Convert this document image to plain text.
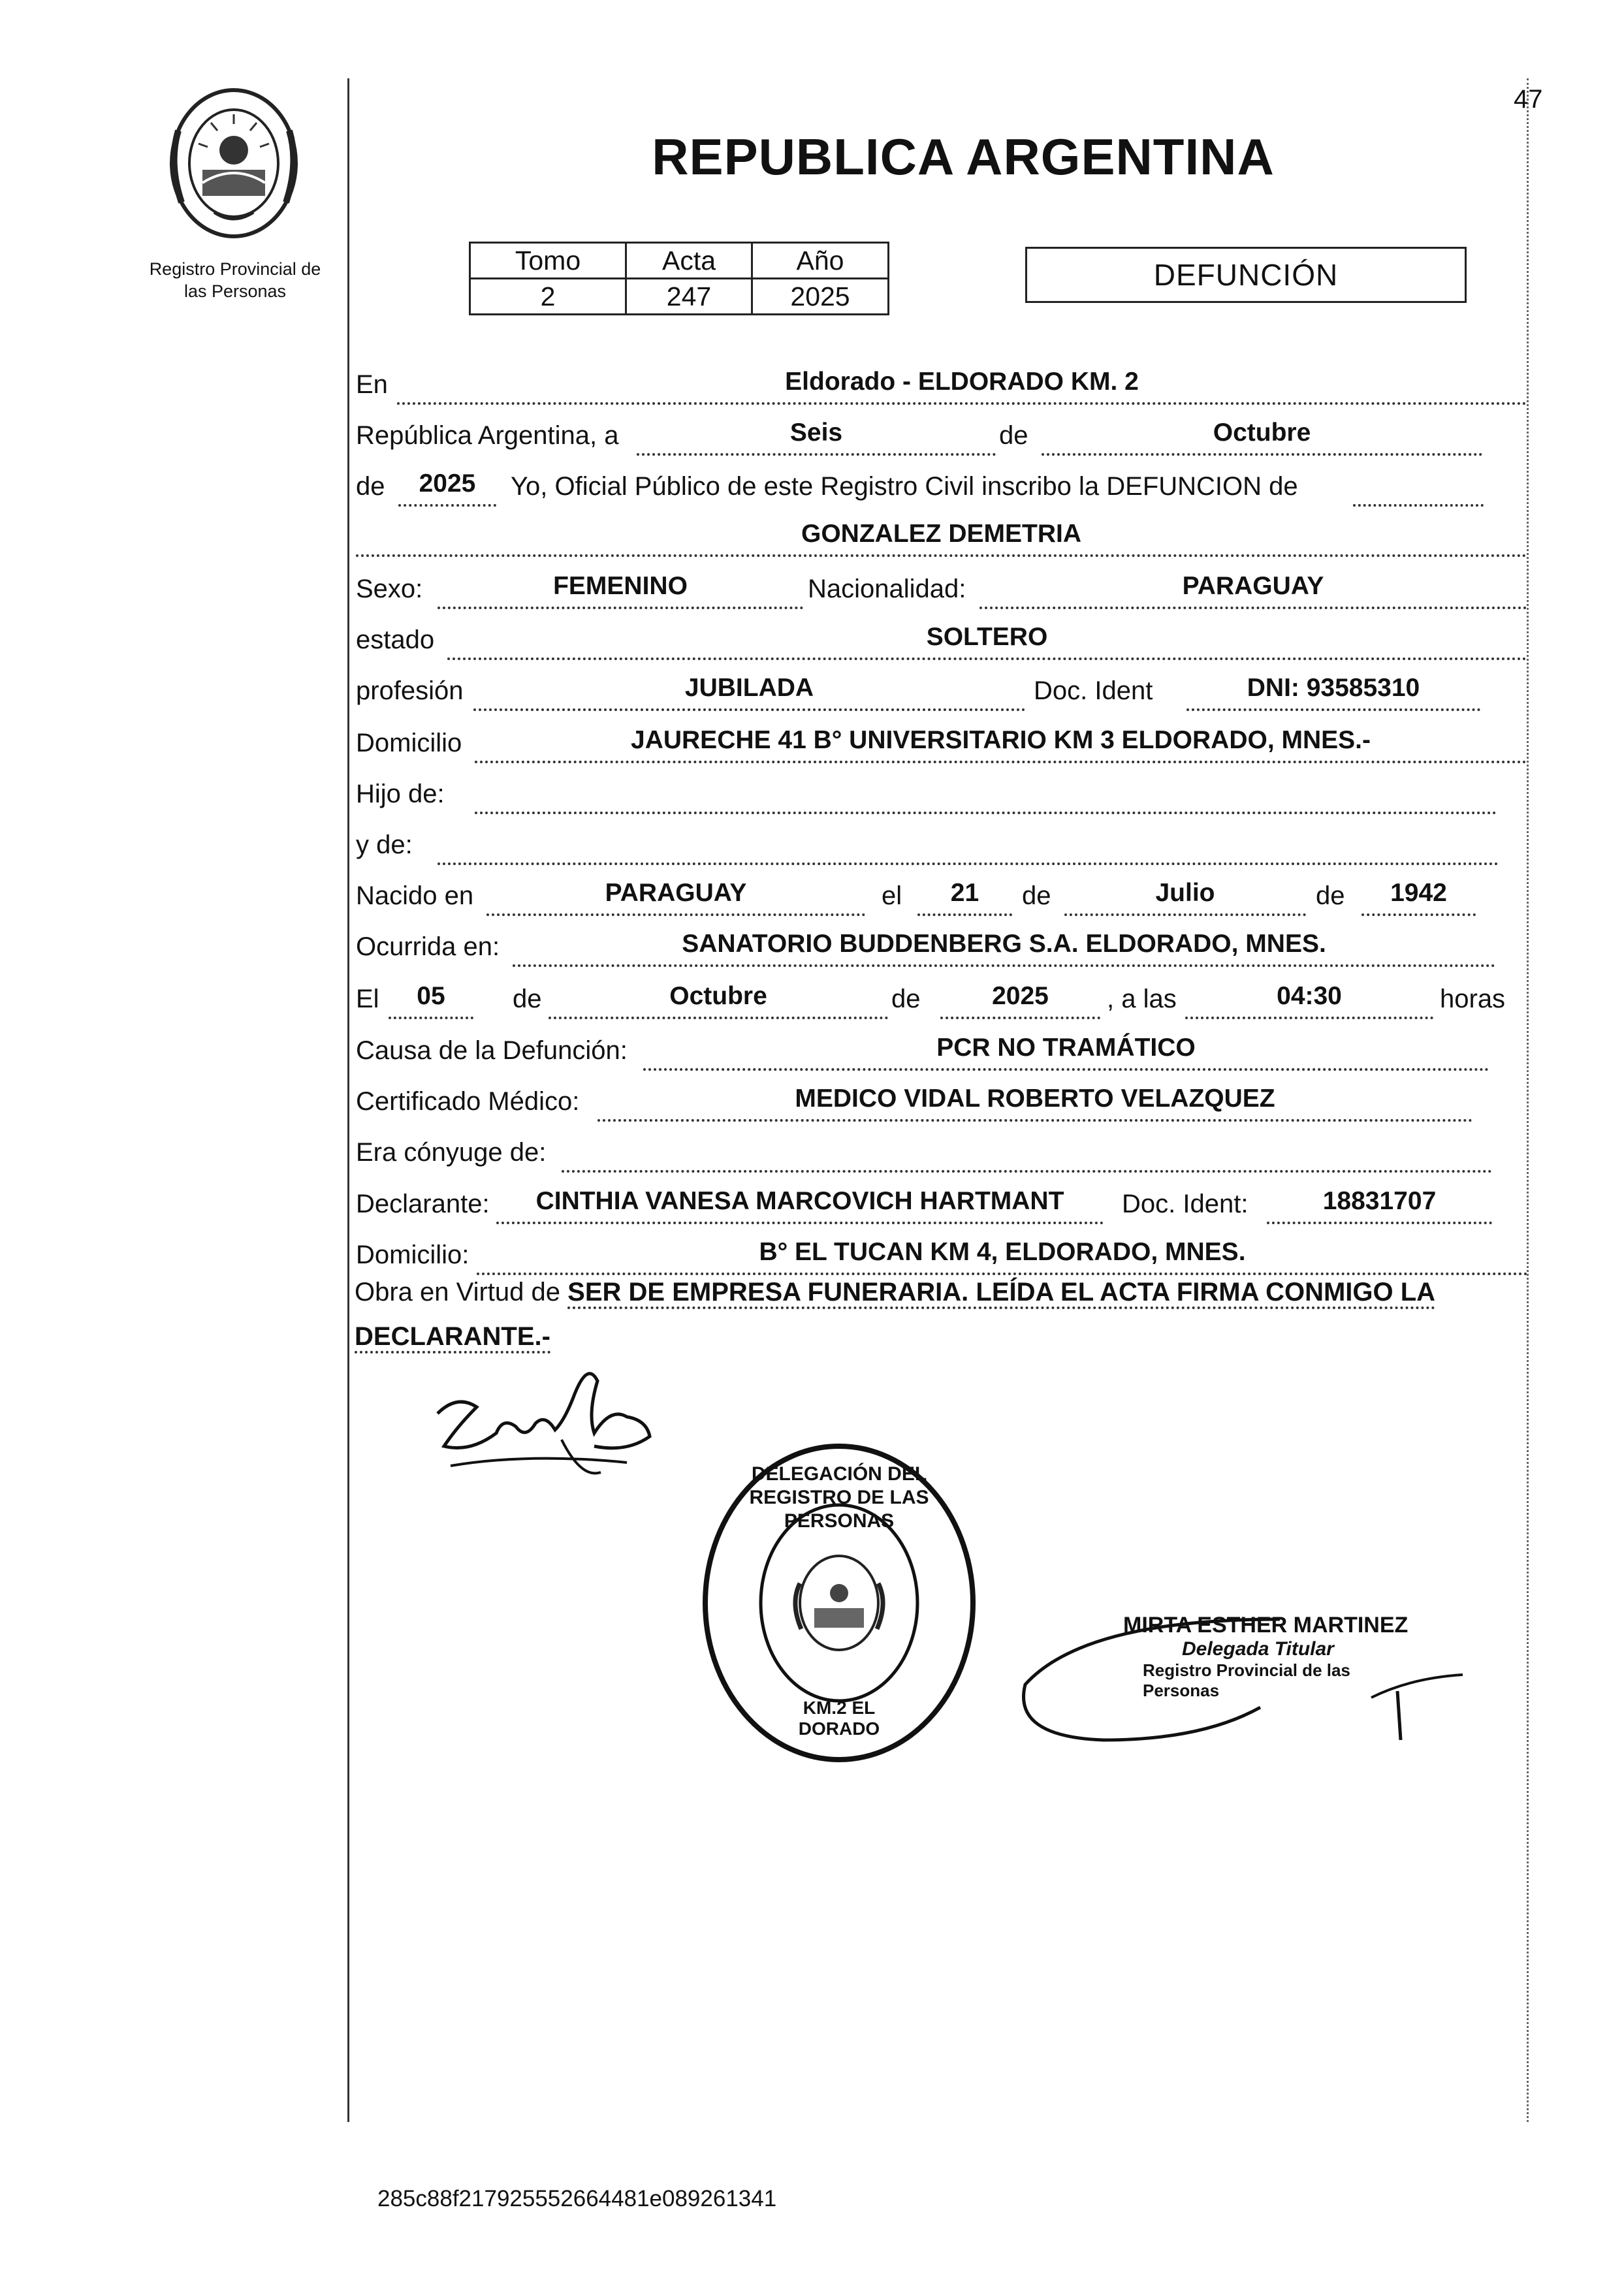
Registro Provincial de
las Personas
47
REPUBLICA ARGENTINA
Tomo	Acta	Año
2	247	2025
DEFUNCIÓN
En	Eldorado - ELDORADO KM. 2
República Argentina, a	Seis	de	Octubre
de	2025	Yo, Oficial Público de este Registro Civil inscribo la DEFUNCION de
GONZALEZ DEMETRIA
Sexo:	FEMENINO	Nacionalidad:	PARAGUAY
estado	SOLTERO
profesión	JUBILADA	Doc. Ident	DNI: 93585310
Domicilio	JAURECHE 41 B° UNIVERSITARIO KM 3 ELDORADO, MNES.-
Hijo de:
y de:
Nacido en	PARAGUAY	el	21	de	Julio	de	1942
Ocurrida en:	SANATORIO BUDDENBERG S.A. ELDORADO, MNES.
El	05	de	Octubre	de	2025	, a las	04:30	horas
Causa de la Defunción:	PCR NO TRAMÁTICO
Certificado Médico:	MEDICO VIDAL ROBERTO VELAZQUEZ
Era cónyuge de:
Declarante:	CINTHIA VANESA MARCOVICH HARTMANT	Doc. Ident:	18831707
Domicilio:	B° EL TUCAN KM 4, ELDORADO, MNES.
Obra en Virtud de SER DE EMPRESA FUNERARIA. LEÍDA EL ACTA FIRMA CONMIGO LA DECLARANTE.-
DELEGACIÓN DEL REGISTRO DE LAS PERSONAS
KM.2 EL DORADO
MIRTA ESTHER MARTINEZ
Delegada Titular
Registro Provincial de las Personas
285c88f217925552664481e089261341
